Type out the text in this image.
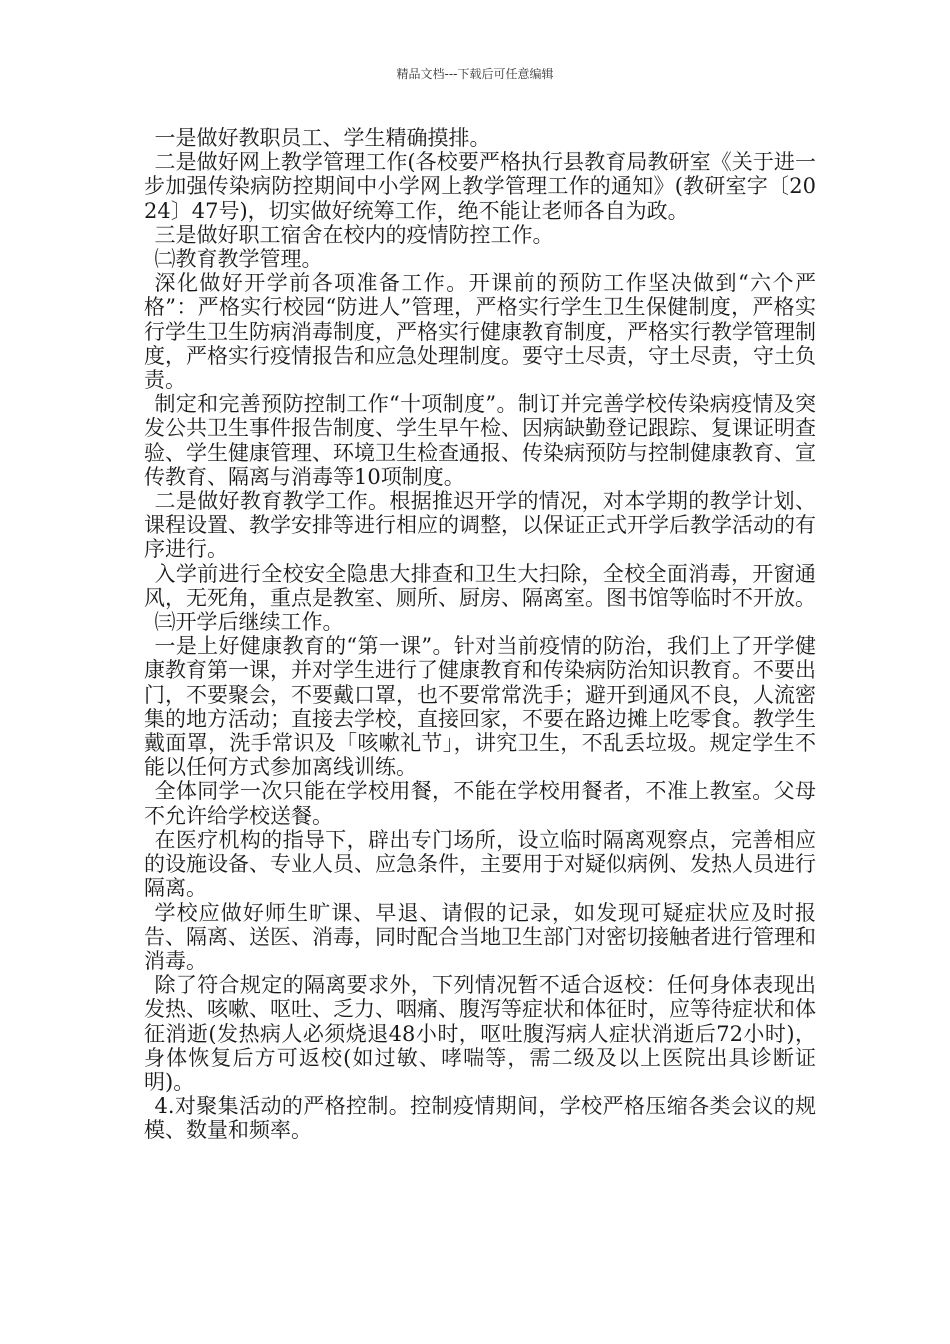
精品文档---下载后可任意编辑

一是做好教职员工、学生精确摸排。

二是做好网上教学管理工作(各校要严格执行县教育局教研室《关于进一步加强传染病防控期间中小学网上教学管理工作的通知》(教研室字〔2024〕47号)，切实做好统筹工作，绝不能让老师各自为政。

三是做好职工宿舍在校内的疫情防控工作。

㈡教育教学管理。

深化做好开学前各项准备工作。开课前的预防工作坚决做到“六个严格”：严格实行校园“防进人”管理，严格实行学生卫生保健制度，严格实行学生卫生防病消毒制度，严格实行健康教育制度，严格实行教学管理制度，严格实行疫情报告和应急处理制度。要守土尽责，守土尽责，守土负责。

制定和完善预防控制工作“十项制度”。制订并完善学校传染病疫情及突发公共卫生事件报告制度、学生早午检、因病缺勤登记跟踪、复课证明查验、学生健康管理、环境卫生检查通报、传染病预防与控制健康教育、宣传教育、隔离与消毒等10项制度。

二是做好教育教学工作。根据推迟开学的情况，对本学期的教学计划、课程设置、教学安排等进行相应的调整，以保证正式开学后教学活动的有序进行。

入学前进行全校安全隐患大排查和卫生大扫除，全校全面消毒，开窗通风，无死角，重点是教室、厕所、厨房、隔离室。图书馆等临时不开放。

㈢开学后继续工作。

一是上好健康教育的“第一课”。针对当前疫情的防治，我们上了开学健康教育第一课，并对学生进行了健康教育和传染病防治知识教育。不要出门，不要聚会，不要戴口罩，也不要常常洗手；避开到通风不良，人流密集的地方活动；直接去学校，直接回家，不要在路边摊上吃零食。教学生戴面罩，洗手常识及「咳嗽礼节」，讲究卫生，不乱丢垃圾。规定学生不能以任何方式参加离线训练。

全体同学一次只能在学校用餐，不能在学校用餐者，不准上教室。父母不允许给学校送餐。

在医疗机构的指导下，辟出专门场所，设立临时隔离观察点，完善相应的设施设备、专业人员、应急条件，主要用于对疑似病例、发热人员进行隔离。

学校应做好师生旷课、早退、请假的记录，如发现可疑症状应及时报告、隔离、送医、消毒，同时配合当地卫生部门对密切接触者进行管理和消毒。

除了符合规定的隔离要求外，下列情况暂不适合返校：任何身体表现出发热、咳嗽、呕吐、乏力、咽痛、腹泻等症状和体征时，应等待症状和体征消逝(发热病人必须烧退48小时，呕吐腹泻病人症状消逝后72小时)，身体恢复后方可返校(如过敏、哮喘等，需二级及以上医院出具诊断证明)。

4.对聚集活动的严格控制。控制疫情期间，学校严格压缩各类会议的规模、数量和频率。
